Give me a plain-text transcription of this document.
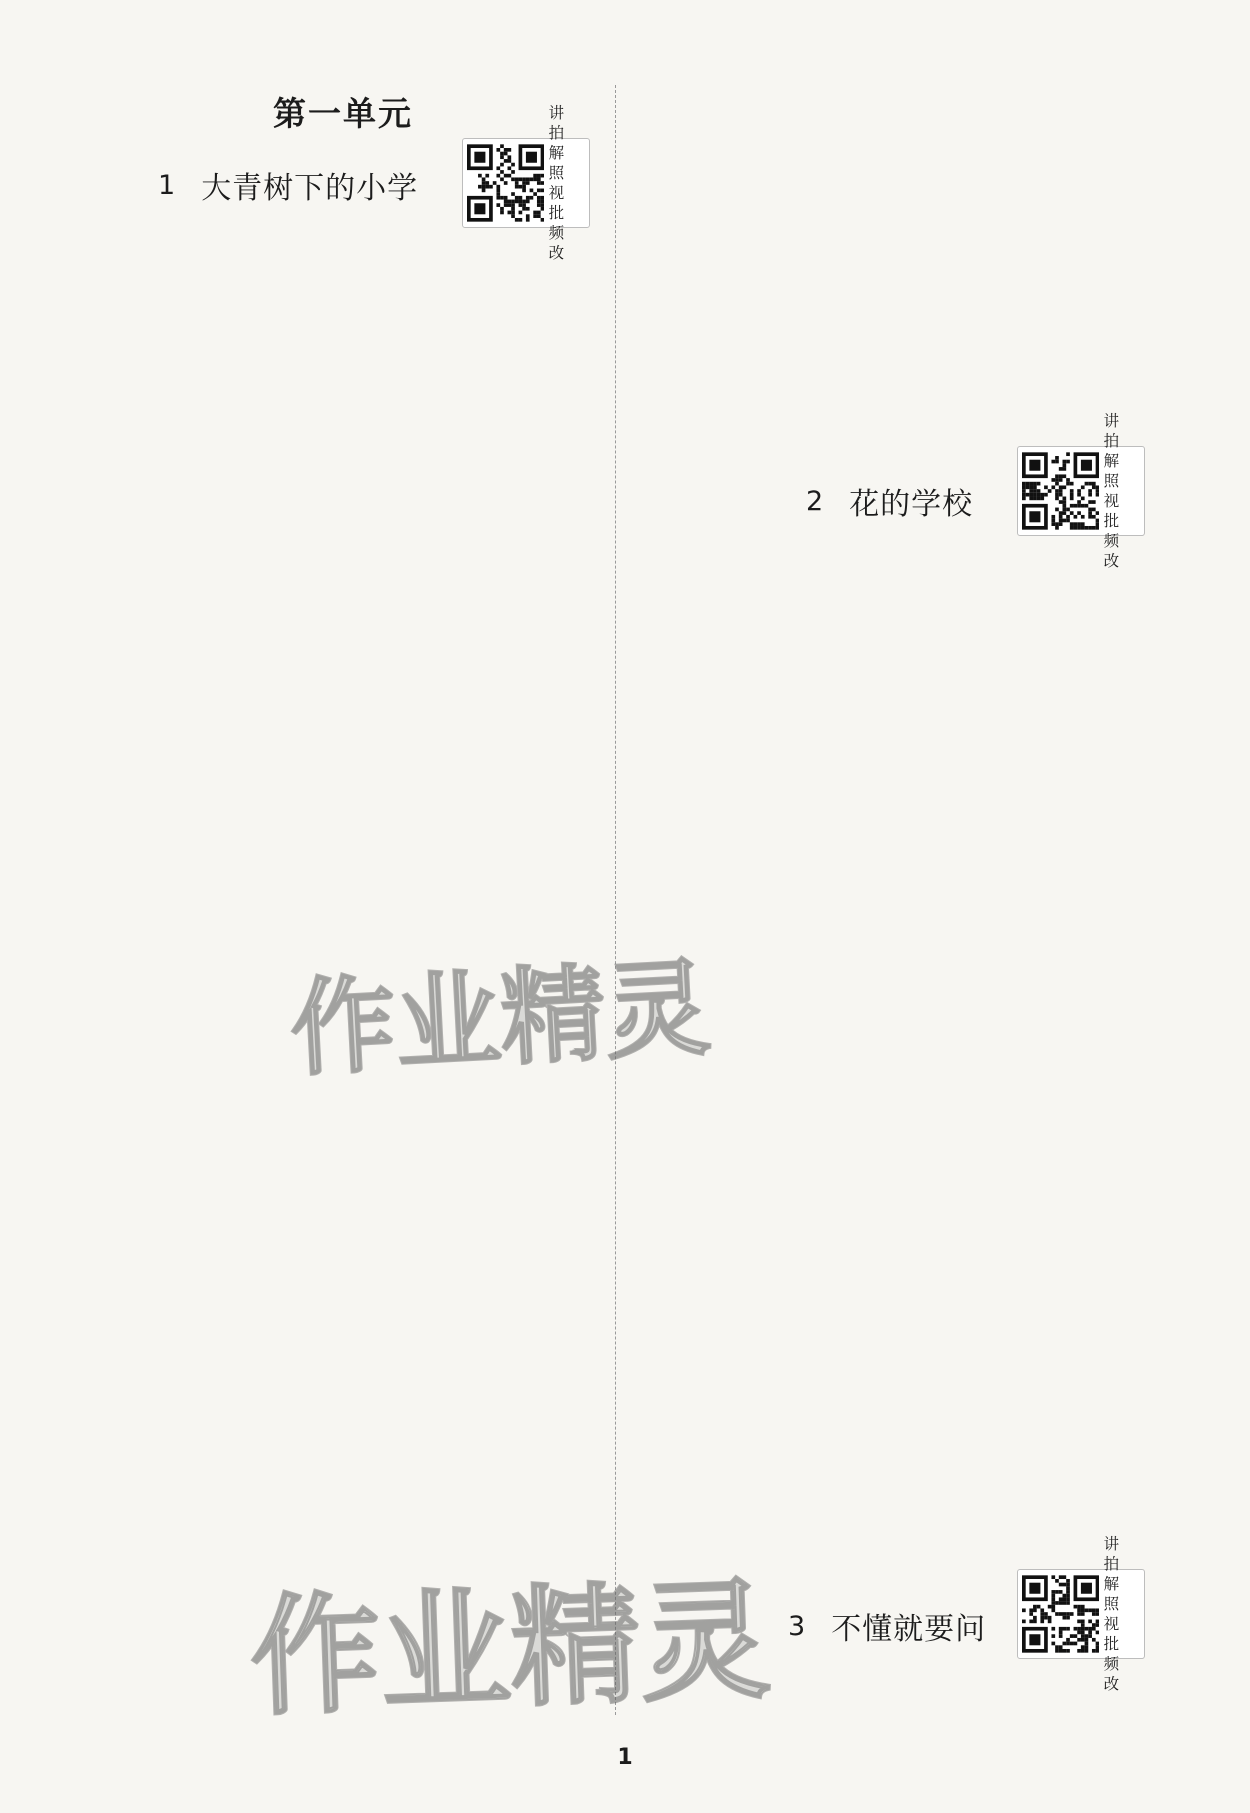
第一单元
1 大青树下的小学
讲
拍
解
照
视
批
频
改
2 花的学校
讲
拍
解
照
视
批
频
改
3 不懂就要问
讲
拍
解
照
视
批
频
改
1
作业精灵
作业精灵
